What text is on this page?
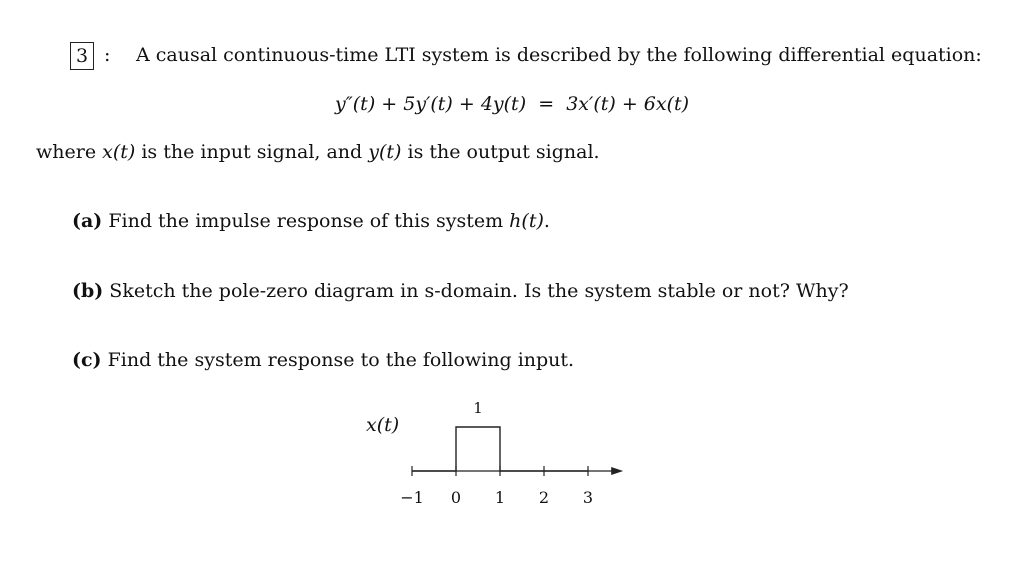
3 : A causal continuous-time LTI system is described by the following differential equation:
y″(t) + 5y′(t) + 4y(t) = 3x′(t) + 6x(t)
where x(t) is the input signal, and y(t) is the output signal.
(a) Find the impulse response of this system h(t).
(b) Sketch the pole-zero diagram in s-domain. Is the system stable or not? Why?
(c) Find the system response to the following input.
−1 0 1 2 3
1
x(t)
